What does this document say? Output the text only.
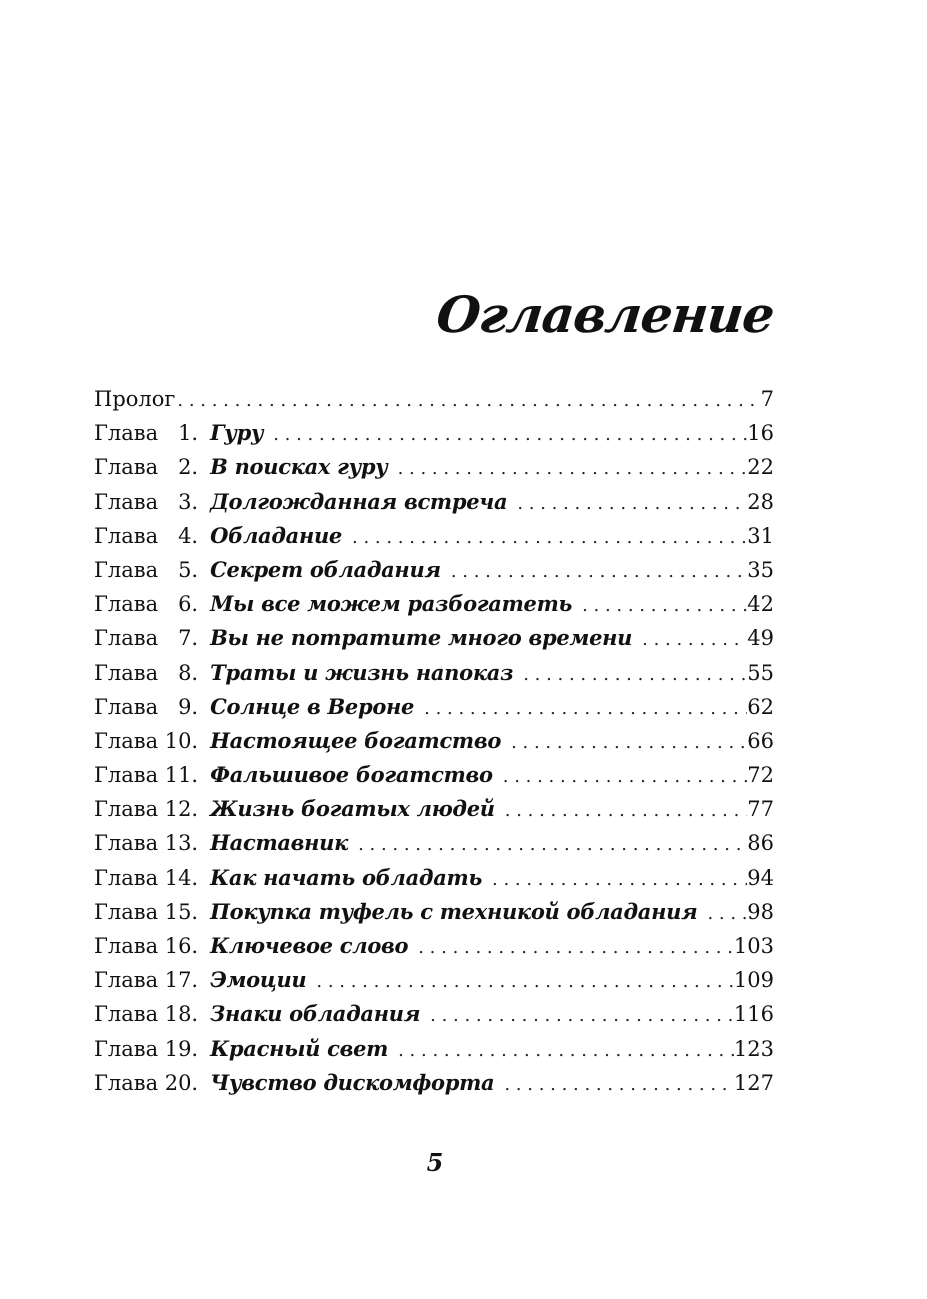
Оглавление
Пролог . . .	7
Глава 1. Гуру . . .	16
Глава 2. В поисках гуру . . .	22
Глава 3. Долгожданная встреча . . .	28
Глава 4. Обладание . . .	31
Глава 5. Секрет обладания . . .	35
Глава 6. Мы все можем разбогатеть . . .	42
Глава 7. Вы не потратите много времени . . .	49
Глава 8. Траты и жизнь напоказ . . .	55
Глава 9. Солнце в Вероне . . .	62
Глава 10. Настоящее богатство . . .	66
Глава 11. Фальшивое богатство . . .	72
Глава 12. Жизнь богатых людей . . .	77
Глава 13. Наставник . . .	86
Глава 14. Как начать обладать . . .	94
Глава 15. Покупка туфель с техникой обладания . . .	98
Глава 16. Ключевое слово . . .	103
Глава 17. Эмоции . . .	109
Глава 18. Знаки обладания . . .	116
Глава 19. Красный свет . . .	123
Глава 20. Чувство дискомфорта . . .	127
5
